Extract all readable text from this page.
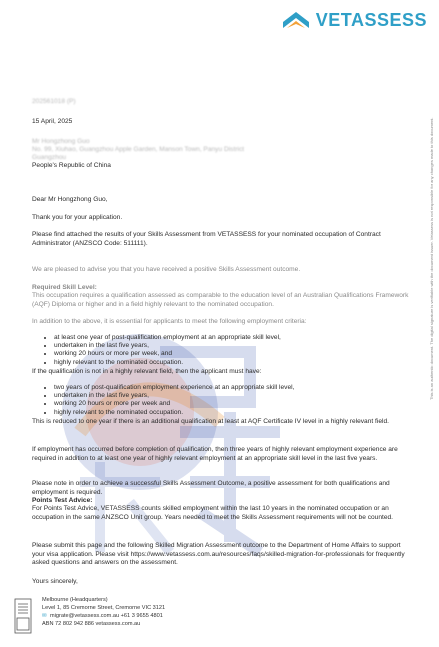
VETASSESS
This is an authentic document. The digital signature is verifiable with the document issuer. Vetassess is not responsible for any changes made to this document.
202561018 (P)
15 April, 2025
Mr Hongzhong Guo
No. 99, Xiuhao, Guangzhou Apple Garden, Manson Town, Panyu District
Guangzhou
People's Republic of China
Dear Mr Hongzhong Guo,
Thank you for your application.
Please find attached the results of your Skills Assessment from VETASSESS for your nominated occupation of Contract Administrator (ANZSCO Code: 511111).
We are pleased to advise you that you have received a positive Skills Assessment outcome.
Required Skill Level:
This occupation requires a qualification assessed as comparable to the education level of an Australian Qualifications Framework (AQF) Diploma or higher and in a field highly relevant to the nominated occupation.
In addition to the above, it is essential for applicants to meet the following employment criteria:
• at least one year of post-qualification employment at an appropriate skill level,
• undertaken in the last five years,
• working 20 hours or more per week, and
• highly relevant to the nominated occupation.
If the qualification is not in a highly relevant field, then the applicant must have:
• two years of post-qualification employment experience at an appropriate skill level,
• undertaken in the last five years,
• working 20 hours or more per week and
• highly relevant to the nominated occupation.
This is reduced to one year if there is an additional qualification at least at AQF Certificate IV level in a highly relevant field.
If employment has occurred before completion of qualification, then three years of highly relevant employment experience are required in addition to at least one year of highly relevant employment at an appropriate skill level in the last five years.
Please note in order to achieve a successful Skills Assessment Outcome, a positive assessment for both qualifications and employment is required.
Points Test Advice:
For Points Test Advice, VETASSESS counts skilled employment within the last 10 years in the nominated occupation or an occupation in the same ANZSCO Unit group. Years needed to meet the Skills Assessment requirements will not be counted.
Please submit this page and the following Skilled Migration Assessment outcome to the Department of Home Affairs to support your visa application. Please visit https://www.vetassess.com.au/resources/faqs/skilled-migration-for-professionals for frequently asked questions and answers on the assessment.
Yours sincerely,
Melbourne (Headquarters)
Level 1, 85 Cremorne Street, Cremorne VIC 3121
✉ migrate@vetassess.com.au +61 3 9655 4801
ABN 72 802 942 886 vetassess.com.au
